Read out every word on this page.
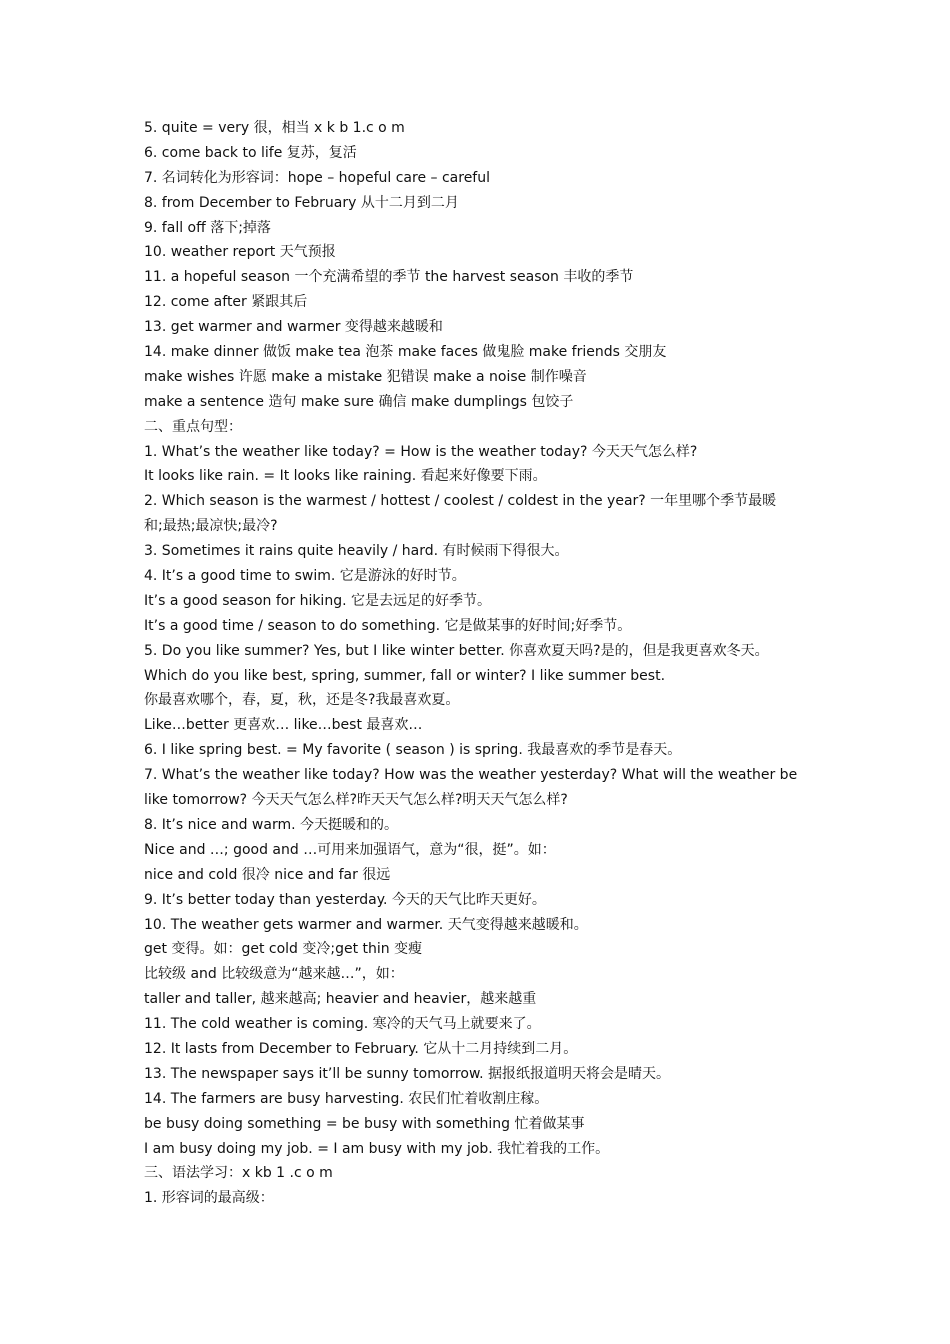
5. quite = very 很，相当 x k b 1.c o m
6. come back to life 复苏，复活
7. 名词转化为形容词：hope – hopeful care – careful
8. from December to February 从十二月到二月
9. fall off 落下;掉落
10. weather report 天气预报
11. a hopeful season 一个充满希望的季节 the harvest season 丰收的季节
12. come after 紧跟其后
13. get warmer and warmer 变得越来越暖和
14. make dinner 做饭 make tea 泡茶 make faces 做鬼脸 make friends 交朋友
make wishes 许愿 make a mistake 犯错误 make a noise 制作噪音
make a sentence 造句 make sure 确信 make dumplings 包饺子
二、重点句型：
1. What’s the weather like today? = How is the weather today? 今天天气怎么样?
It looks like rain. = It looks like raining. 看起来好像要下雨。
2. Which season is the warmest / hottest / coolest / coldest in the year? 一年里哪个季节最暖
和;最热;最凉快;最冷?
3. Sometimes it rains quite heavily / hard. 有时候雨下得很大。
4. It’s a good time to swim. 它是游泳的好时节。
It’s a good season for hiking. 它是去远足的好季节。
It’s a good time / season to do something. 它是做某事的好时间;好季节。
5. Do you like summer? Yes, but I like winter better. 你喜欢夏天吗?是的，但是我更喜欢冬天。
Which do you like best, spring, summer, fall or winter? I like summer best.
你最喜欢哪个，春，夏，秋，还是冬?我最喜欢夏。
Like…better 更喜欢… like…best 最喜欢…
6. I like spring best. = My favorite ( season ) is spring. 我最喜欢的季节是春天。
7. What’s the weather like today? How was the weather yesterday? What will the weather be
like tomorrow? 今天天气怎么样?昨天天气怎么样?明天天气怎么样?
8. It’s nice and warm. 今天挺暖和的。
Nice and …; good and …可用来加强语气，意为“很，挺”。如：
nice and cold 很冷 nice and far 很远
9. It’s better today than yesterday. 今天的天气比昨天更好。
10. The weather gets warmer and warmer. 天气变得越来越暖和。
get 变得。如：get cold 变冷;get thin 变瘦
比较级 and 比较级意为“越来越…”，如：
taller and taller, 越来越高; heavier and heavier，越来越重
11. The cold weather is coming. 寒冷的天气马上就要来了。
12. It lasts from December to February. 它从十二月持续到二月。
13. The newspaper says it’ll be sunny tomorrow. 据报纸报道明天将会是晴天。
14. The farmers are busy harvesting. 农民们忙着收割庄稼。
be busy doing something = be busy with something 忙着做某事
I am busy doing my job. = I am busy with my job. 我忙着我的工作。
三、语法学习：x kb 1 .c o m
1. 形容词的最高级：
